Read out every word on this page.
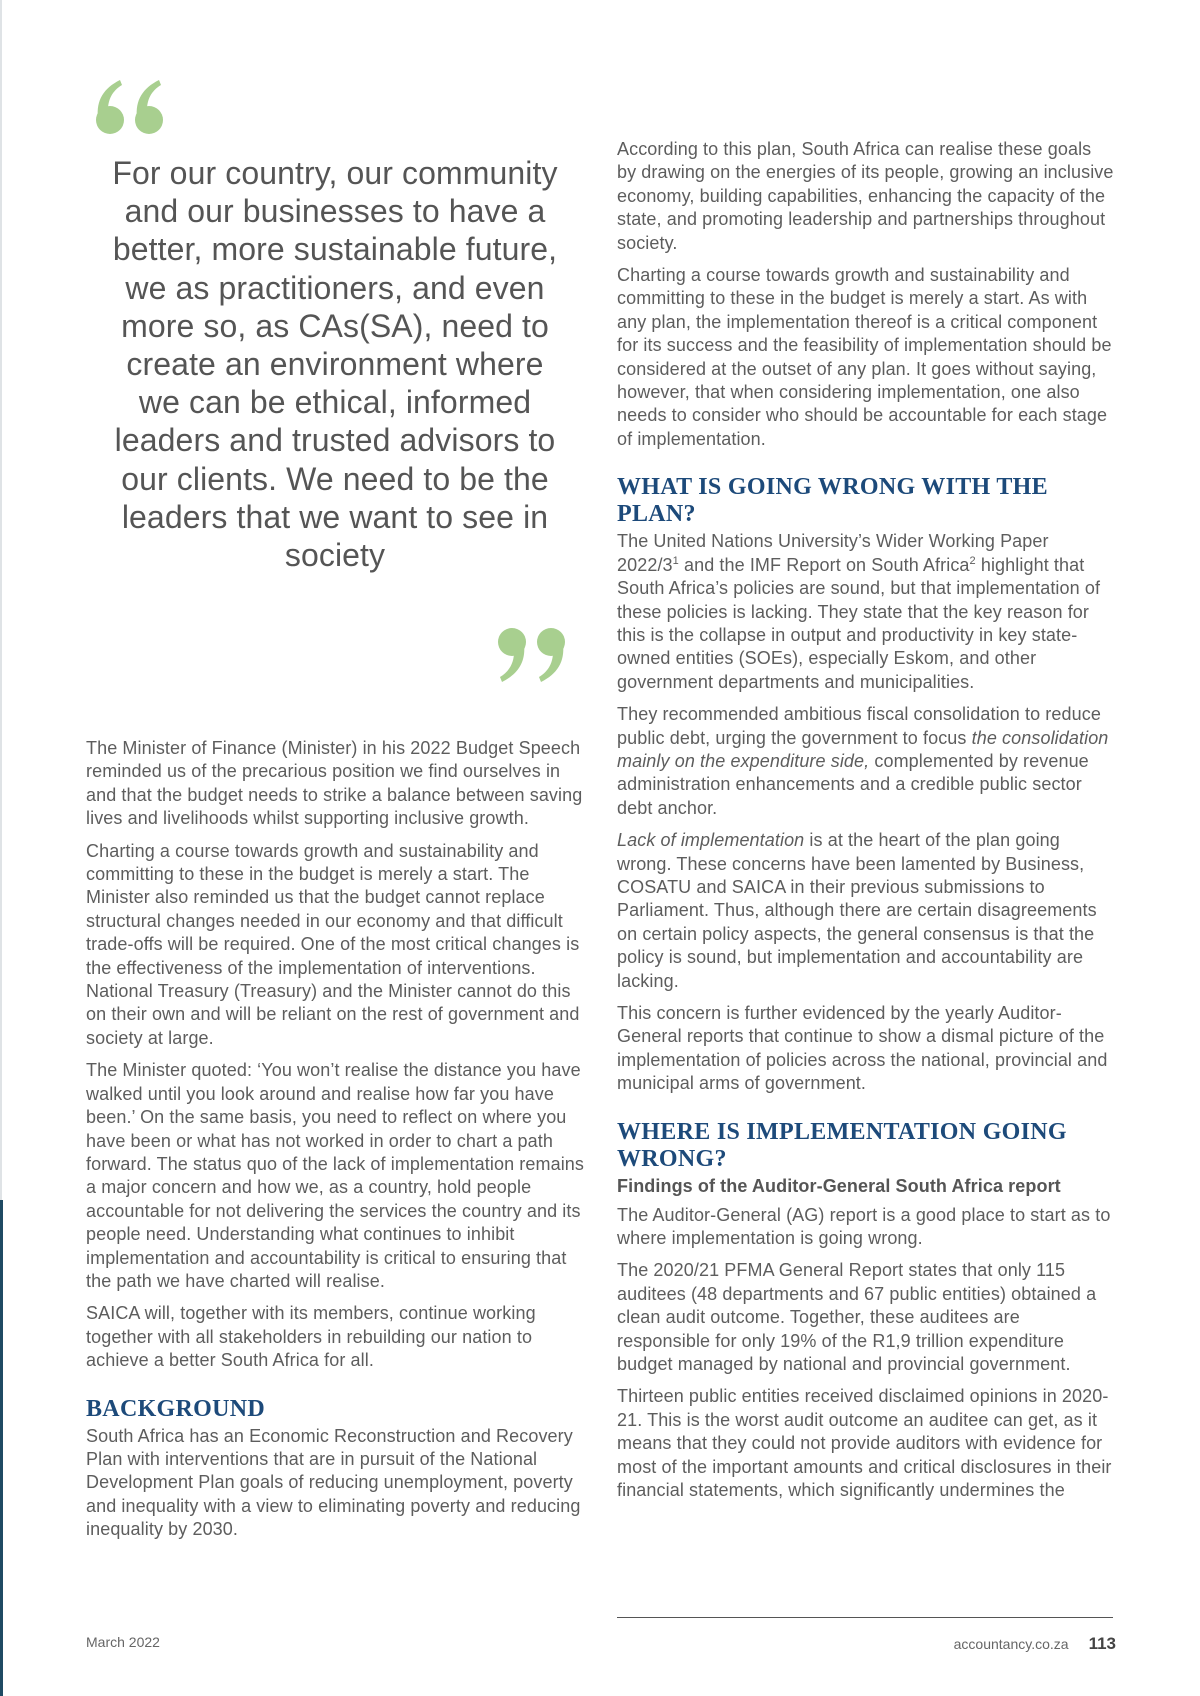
For our country, our community and our businesses to have a better, more sustainable future, we as practitioners, and even more so, as CAs(SA), need to create an environment where we can be ethical, informed leaders and trusted advisors to our clients. We need to be the leaders that we want to see in society

The Minister of Finance (Minister) in his 2022 Budget Speech reminded us of the precarious position we find ourselves in and that the budget needs to strike a balance between saving lives and livelihoods whilst supporting inclusive growth.

Charting a course towards growth and sustainability and committing to these in the budget is merely a start. The Minister also reminded us that the budget cannot replace structural changes needed in our economy and that difficult trade-offs will be required. One of the most critical changes is the effectiveness of the implementation of interventions. National Treasury (Treasury) and the Minister cannot do this on their own and will be reliant on the rest of government and society at large.

The Minister quoted: ‘You won’t realise the distance you have walked until you look around and realise how far you have been.’ On the same basis, you need to reflect on where you have been or what has not worked in order to chart a path forward. The status quo of the lack of implementation remains a major concern and how we, as a country, hold people accountable for not delivering the services the country and its people need. Understanding what continues to inhibit implementation and accountability is critical to ensuring that the path we have charted will realise.

SAICA will, together with its members, continue working together with all stakeholders in rebuilding our nation to achieve a better South Africa for all.

BACKGROUND

South Africa has an Economic Reconstruction and Recovery Plan with interventions that are in pursuit of the National Development Plan goals of reducing unemployment, poverty and inequality with a view to eliminating poverty and reducing inequality by 2030.

According to this plan, South Africa can realise these goals by drawing on the energies of its people, growing an inclusive economy, building capabilities, enhancing the capacity of the state, and promoting leadership and partnerships throughout society.

Charting a course towards growth and sustainability and committing to these in the budget is merely a start. As with any plan, the implementation thereof is a critical component for its success and the feasibility of implementation should be considered at the outset of any plan. It goes without saying, however, that when considering implementation, one also needs to consider who should be accountable for each stage of implementation.

WHAT IS GOING WRONG WITH THE PLAN?

The United Nations University’s Wider Working Paper $2022/3^1$ and the IMF Report on South Africa$^2$ highlight that South Africa’s policies are sound, but that implementation of these policies is lacking. They state that the key reason for this is the collapse in output and productivity in key state-owned entities (SOEs), especially Eskom, and other government departments and municipalities.

They recommended ambitious fiscal consolidation to reduce public debt, urging the government to focus the consolidation mainly on the expenditure side, complemented by revenue administration enhancements and a credible public sector debt anchor.

Lack of implementation is at the heart of the plan going wrong. These concerns have been lamented by Business, COSATU and SAICA in their previous submissions to Parliament. Thus, although there are certain disagreements on certain policy aspects, the general consensus is that the policy is sound, but implementation and accountability are lacking.

This concern is further evidenced by the yearly Auditor-General reports that continue to show a dismal picture of the implementation of policies across the national, provincial and municipal arms of government.

WHERE IS IMPLEMENTATION GOING WRONG?
Findings of the Auditor-General South Africa report

The Auditor-General (AG) report is a good place to start as to where implementation is going wrong.

The 2020/21 PFMA General Report states that only 115 auditees (48 departments and 67 public entities) obtained a clean audit outcome. Together, these auditees are responsible for only 19% of the R1,9 trillion expenditure budget managed by national and provincial government.

Thirteen public entities received disclaimed opinions in 2020-21. This is the worst audit outcome an auditee can get, as it means that they could not provide auditors with evidence for most of the important amounts and critical disclosures in their financial statements, which significantly undermines the

March 2022	accountancy.co.za 113
